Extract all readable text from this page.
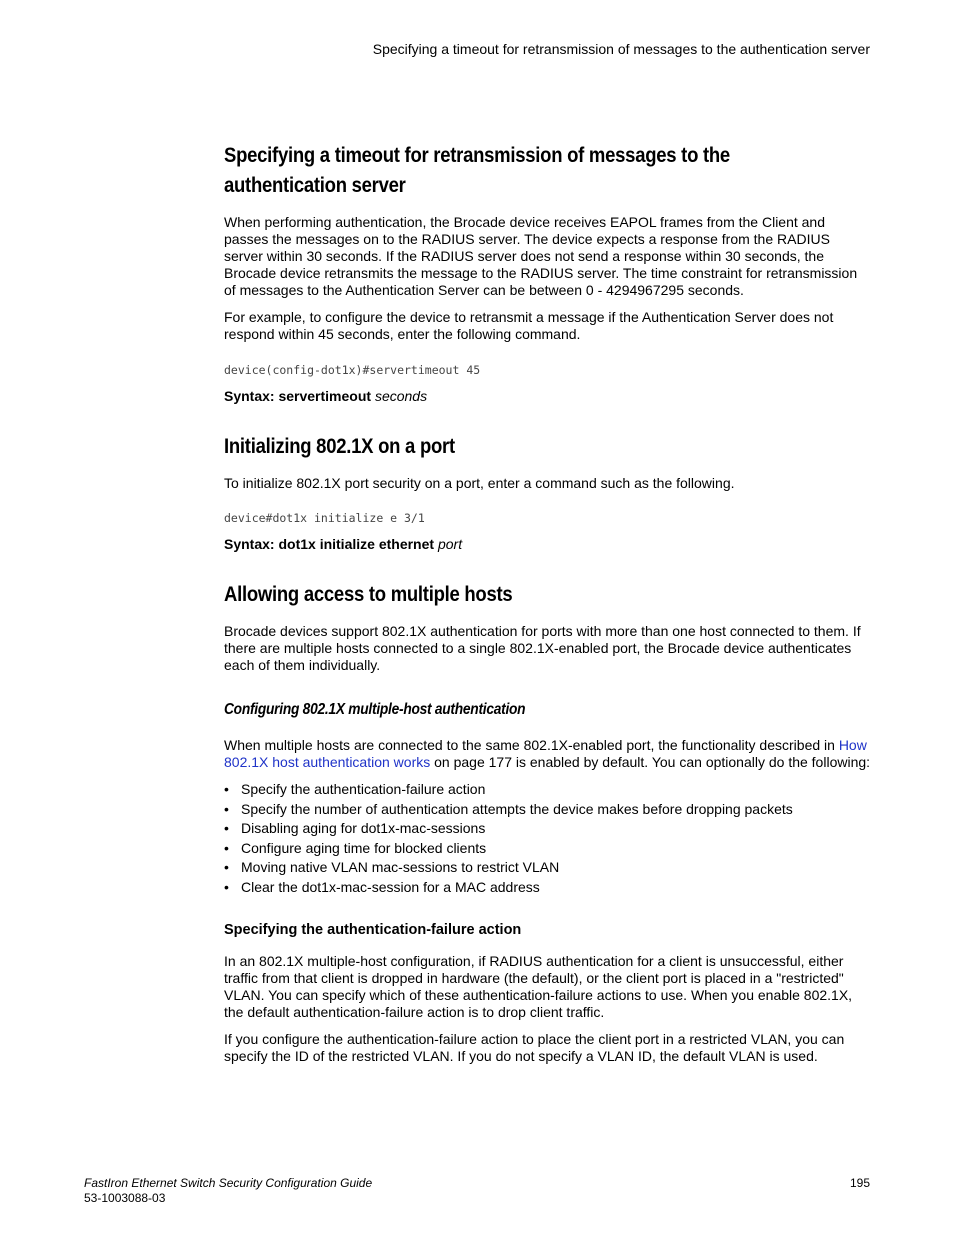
Specifying a timeout for retransmission of messages to the authentication server
Specifying a timeout for retransmission of messages to the
authentication server

When performing authentication, the Brocade device receives EAPOL frames from the Client and passes the messages on to the RADIUS server. The device expects a response from the RADIUS server within 30 seconds. If the RADIUS server does not send a response within 30 seconds, the Brocade device retransmits the message to the RADIUS server. The time constraint for retransmission of messages to the Authentication Server can be between 0 - 4294967295 seconds.

For example, to configure the device to retransmit a message if the Authentication Server does not respond within 45 seconds, enter the following command.

device(config-dot1x)#servertimeout 45

Syntax: servertimeout seconds

Initializing 802.1X on a port

To initialize 802.1X port security on a port, enter a command such as the following.

device#dot1x initialize e 3/1

Syntax: dot1x initialize ethernet port

Allowing access to multiple hosts

Brocade devices support 802.1X authentication for ports with more than one host connected to them. If there are multiple hosts connected to a single 802.1X-enabled port, the Brocade device authenticates each of them individually.

Configuring 802.1X multiple-host authentication

When multiple hosts are connected to the same 802.1X-enabled port, the functionality described in How
802.1X host authentication works on page 177 is enabled by default. You can optionally do the following:

• Specify the authentication-failure action
• Specify the number of authentication attempts the device makes before dropping packets
• Disabling aging for dot1x-mac-sessions
• Configure aging time for blocked clients
• Moving native VLAN mac-sessions to restrict VLAN
• Clear the dot1x-mac-session for a MAC address
Specifying the authentication-failure action

In an 802.1X multiple-host configuration, if RADIUS authentication for a client is unsuccessful, either traffic from that client is dropped in hardware (the default), or the client port is placed in a "restricted" VLAN. You can specify which of these authentication-failure actions to use. When you enable 802.1X, the default authentication-failure action is to drop client traffic.

If you configure the authentication-failure action to place the client port in a restricted VLAN, you can specify the ID of the restricted VLAN. If you do not specify a VLAN ID, the default VLAN is used.

FastIron Ethernet Switch Security Configuration Guide
53-1003088-03
195
